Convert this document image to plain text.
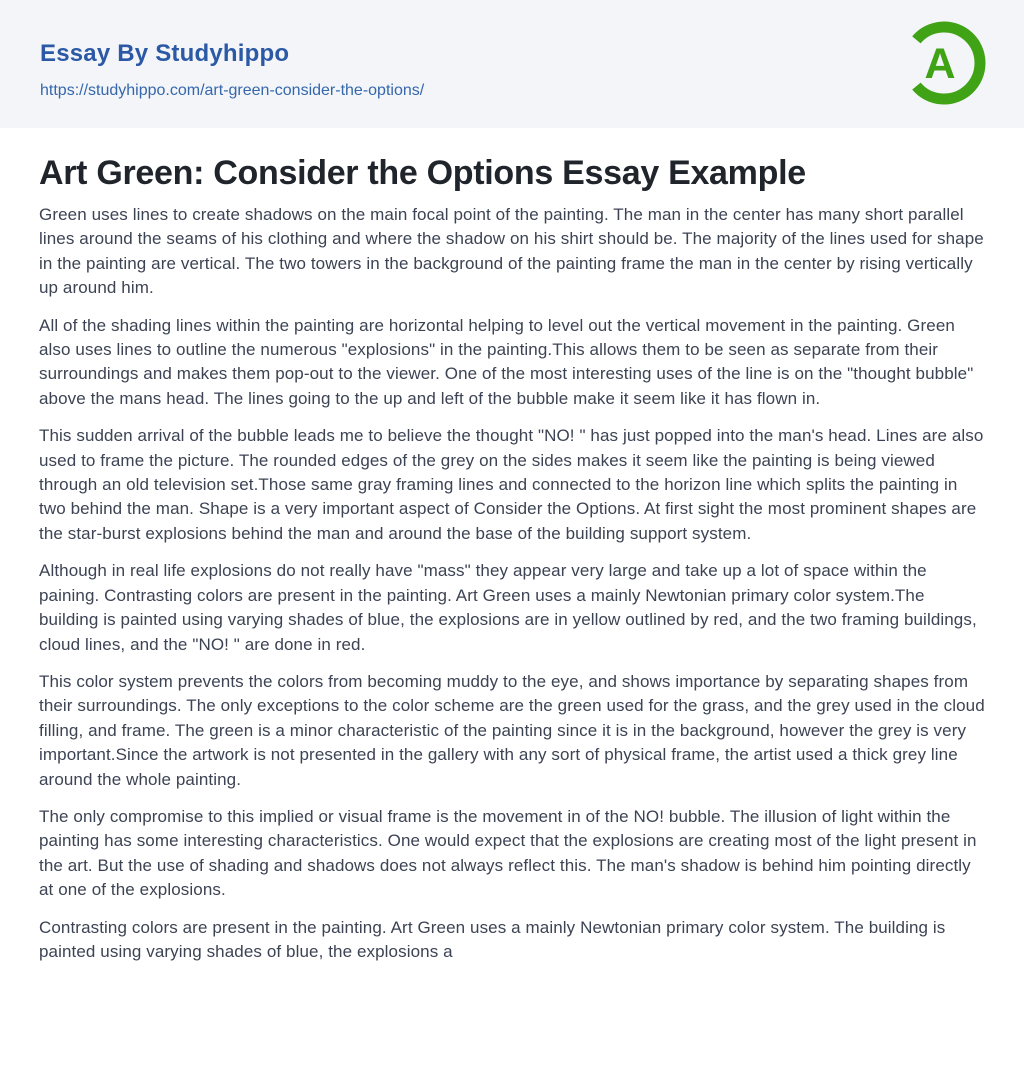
Essay By Studyhippo
https://studyhippo.com/art-green-consider-the-options/
A
Art Green: Consider the Options Essay Example

Green uses lines to create shadows on the main focal point of the painting. The man in the center has many short parallel lines around the seams of his clothing and where the shadow on his shirt should be. The majority of the lines used for shape in the painting are vertical. The two towers in the background of the painting frame the man in the center by rising vertically up around him.

All of the shading lines within the painting are horizontal helping to level out the vertical movement in the painting. Green also uses lines to outline the numerous "explosions" in the painting.This allows them to be seen as separate from their surroundings and makes them pop-out to the viewer. One of the most interesting uses of the line is on the "thought bubble" above the mans head. The lines going to the up and left of the bubble make it seem like it has flown in.

This sudden arrival of the bubble leads me to believe the thought "NO! " has just popped into the man's head. Lines are also used to frame the picture. The rounded edges of the grey on the sides makes it seem like the painting is being viewed through an old television set.Those same gray framing lines and connected to the horizon line which splits the painting in two behind the man. Shape is a very important aspect of Consider the Options. At first sight the most prominent shapes are the star-burst explosions behind the man and around the base of the building support system.

Although in real life explosions do not really have "mass" they appear very large and take up a lot of space within the paining. Contrasting colors are present in the painting. Art Green uses a mainly Newtonian primary color system.The building is painted using varying shades of blue, the explosions are in yellow outlined by red, and the two framing buildings, cloud lines, and the "NO! " are done in red.

This color system prevents the colors from becoming muddy to the eye, and shows importance by separating shapes from their surroundings. The only exceptions to the color scheme are the green used for the grass, and the grey used in the cloud filling, and frame. The green is a minor characteristic of the painting since it is in the background, however the grey is very important.Since the artwork is not presented in the gallery with any sort of physical frame, the artist used a thick grey line around the whole painting.

The only compromise to this implied or visual frame is the movement in of the NO! bubble. The illusion of light within the painting has some interesting characteristics. One would expect that the explosions are creating most of the light present in the art. But the use of shading and shadows does not always reflect this. The man's shadow is behind him pointing directly at one of the explosions.

Contrasting colors are present in the painting. Art Green uses a mainly Newtonian primary color system. The building is painted using varying shades of blue, the explosions a
